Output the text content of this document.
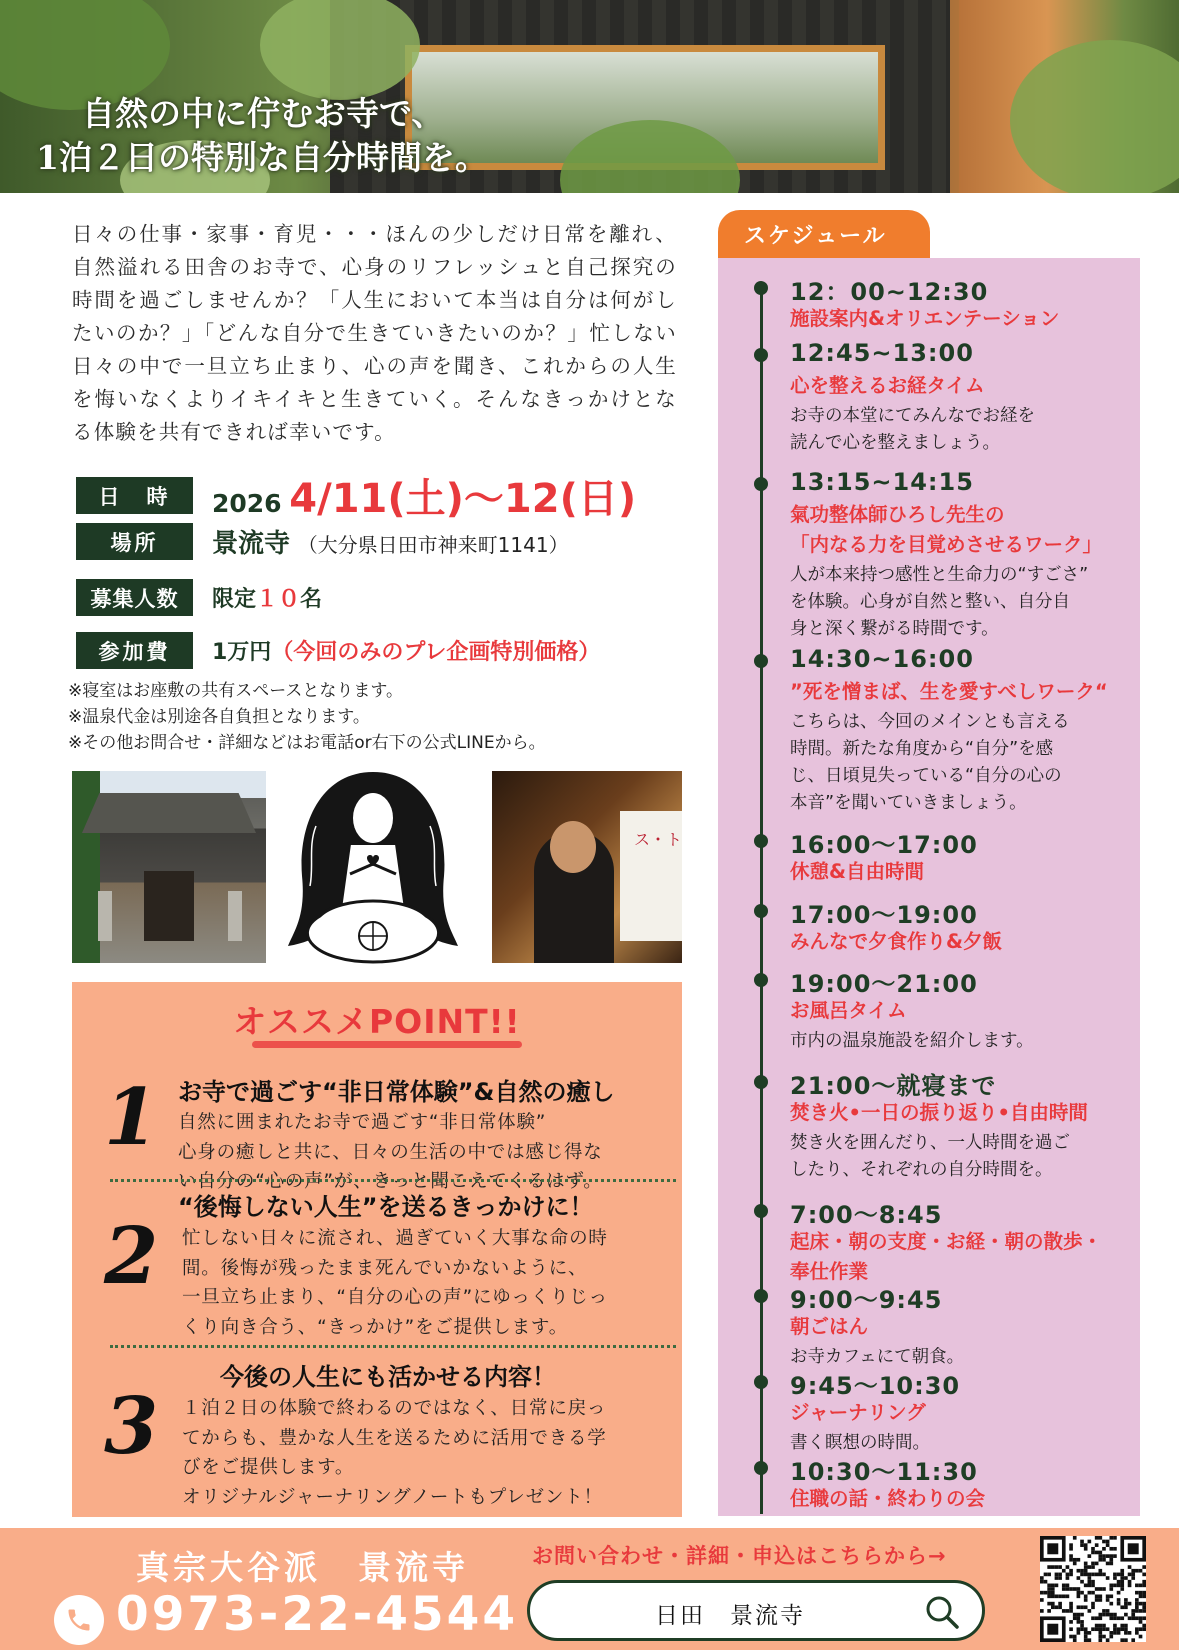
自然の中に佇むお寺で、
1泊２日の特別な自分時間を。

日々の仕事・家事・育児・・・ほんの少しだけ日常を離れ、自然溢れる田舎のお寺で、心身のリフレッシュと自己探究の時間を過ごしませんか？「人生において本当は自分は何がしたいのか？」「どんな自分で生きていきたいのか？」忙しない日々の中で一旦立ち止まり、心の声を聞き、これからの人生を悔いなくよりイキイキと生きていく。そんなきっかけとなる体験を共有できれば幸いです。

日　時	2026 4/11(土)〜12(日)
場所	景流寺 （大分県日田市神来町1141）
募集人数	限定１０名
参加費	1万円（今回のみのプレ企画特別価格）
※寝室はお座敷の共有スペースとなります。
※温泉代金は別途各自負担となります。
※その他お問合せ・詳細などはお電話or右下の公式LINEから。
ス・ト
オススメPOINT!!
1 お寺で過ごす“非日常体験”&自然の癒し
自然に囲まれたお寺で過ごす“非日常体験”
心身の癒しと共に、日々の生活の中では感じ得な
い自分の“心の声”が、きっと聞こえてくるはず。
2
“後悔しない人生”を送るきっかけに！
忙しない日々に流され、過ぎていく大事な命の時
間。後悔が残ったまま死んでいかないように、
一旦立ち止まり、“自分の心の声”にゆっくりじっ
くり向き合う、“きっかけ”をご提供します。
3
今後の人生にも活かせる内容！
１泊２日の体験で終わるのではなく、日常に戻っ
てからも、豊かな人生を送るために活用できる学
びをご提供します。
オリジナルジャーナリングノートもプレゼント！
スケジュール
12：00~12:30
施設案内&オリエンテーション
12:45~13:00
心を整えるお経タイム
お寺の本堂にてみんなでお経を
読んで心を整えましょう。
13:15~14:15
氣功整体師ひろし先生の
「内なる力を目覚めさせるワーク」
人が本来持つ感性と生命力の“すごさ”
を体験。心身が自然と整い、自分自
身と深く繋がる時間です。
14:30~16:00
”死を憎まば、生を愛すべしワーク“
こちらは、今回のメインとも言える
時間。新たな角度から“自分”を感
じ、日頃見失っている“自分の心の
本音”を聞いていきましょう。
16:00〜17:00
休憩&自由時間
17:00〜19:00
みんなで夕食作り&夕飯
19:00〜21:00
お風呂タイム
市内の温泉施設を紹介します。
21:00〜就寝まで
焚き火•一日の振り返り•自由時間
焚き火を囲んだり、一人時間を過ご
したり、それぞれの自分時間を。
7:00〜8:45
起床・朝の支度・お経・朝の散歩・
奉仕作業
9:00〜9:45
朝ごはん
お寺カフェにて朝食。
9:45〜10:30
ジャーナリング
書く瞑想の時間。
10:30〜11:30
住職の話・終わりの会
真宗大谷派　景流寺
0973-22-4544
お問い合わせ・詳細・申込はこちらから→
日田　景流寺
